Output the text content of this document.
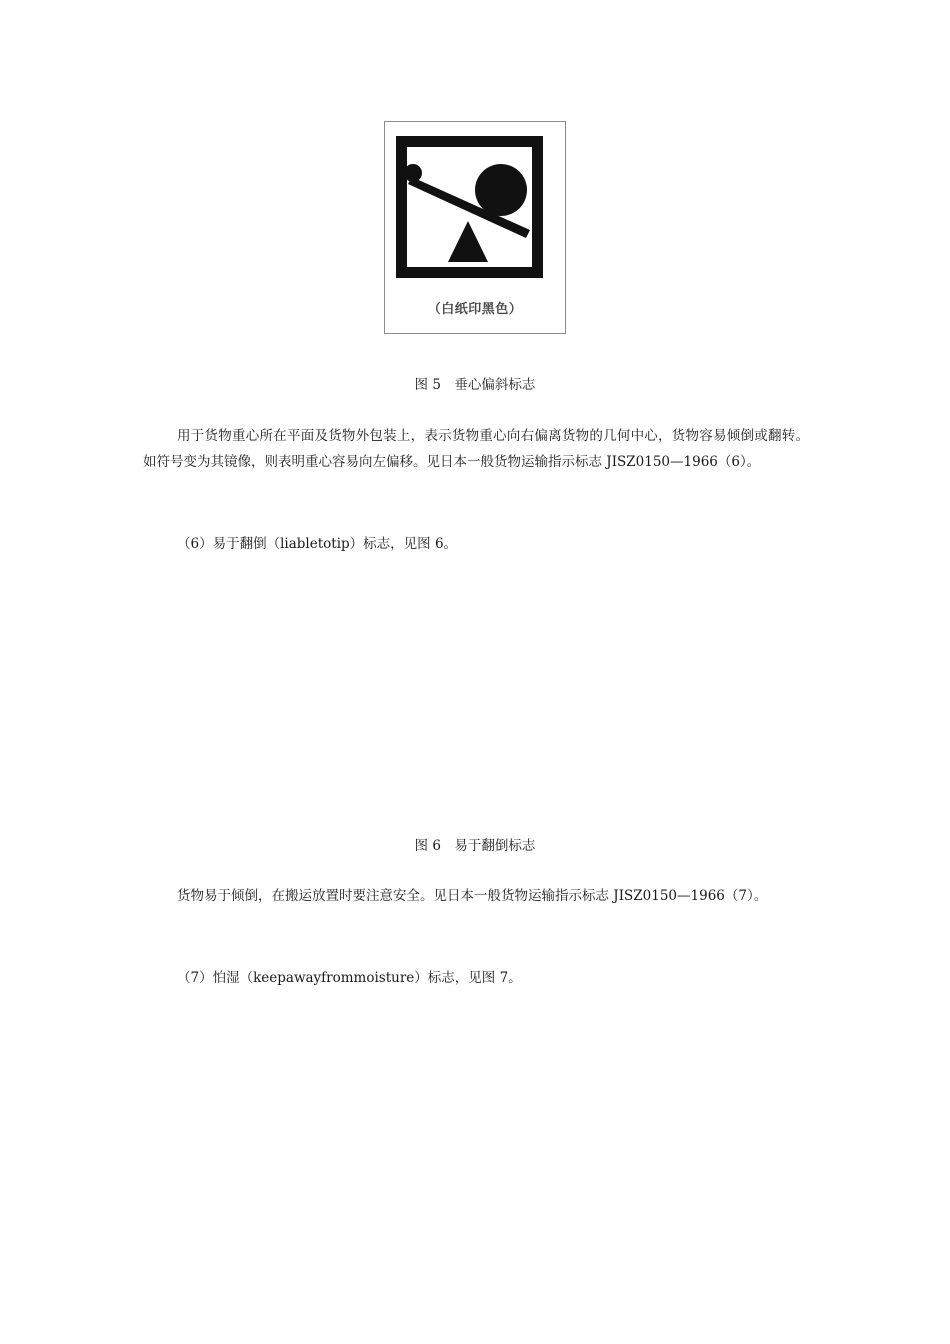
（白纸印黑色）
图 5　垂心偏斜标志

用于货物重心所在平面及货物外包装上，表示货物重心向右偏离货物的几何中心，货物容易倾倒或翻转。如符号变为其镜像，则表明重心容易向左偏移。见日本一般货物运输指示标志 JISZ0150—1966（6）。

（6）易于翻倒（liabletotip）标志，见图 6。
图 6　易于翻倒标志

货物易于倾倒，在搬运放置时要注意安全。见日本一般货物运输指示标志 JISZ0150—1966（7）。

（7）怕湿（keepawayfrommoisture）标志，见图 7。
